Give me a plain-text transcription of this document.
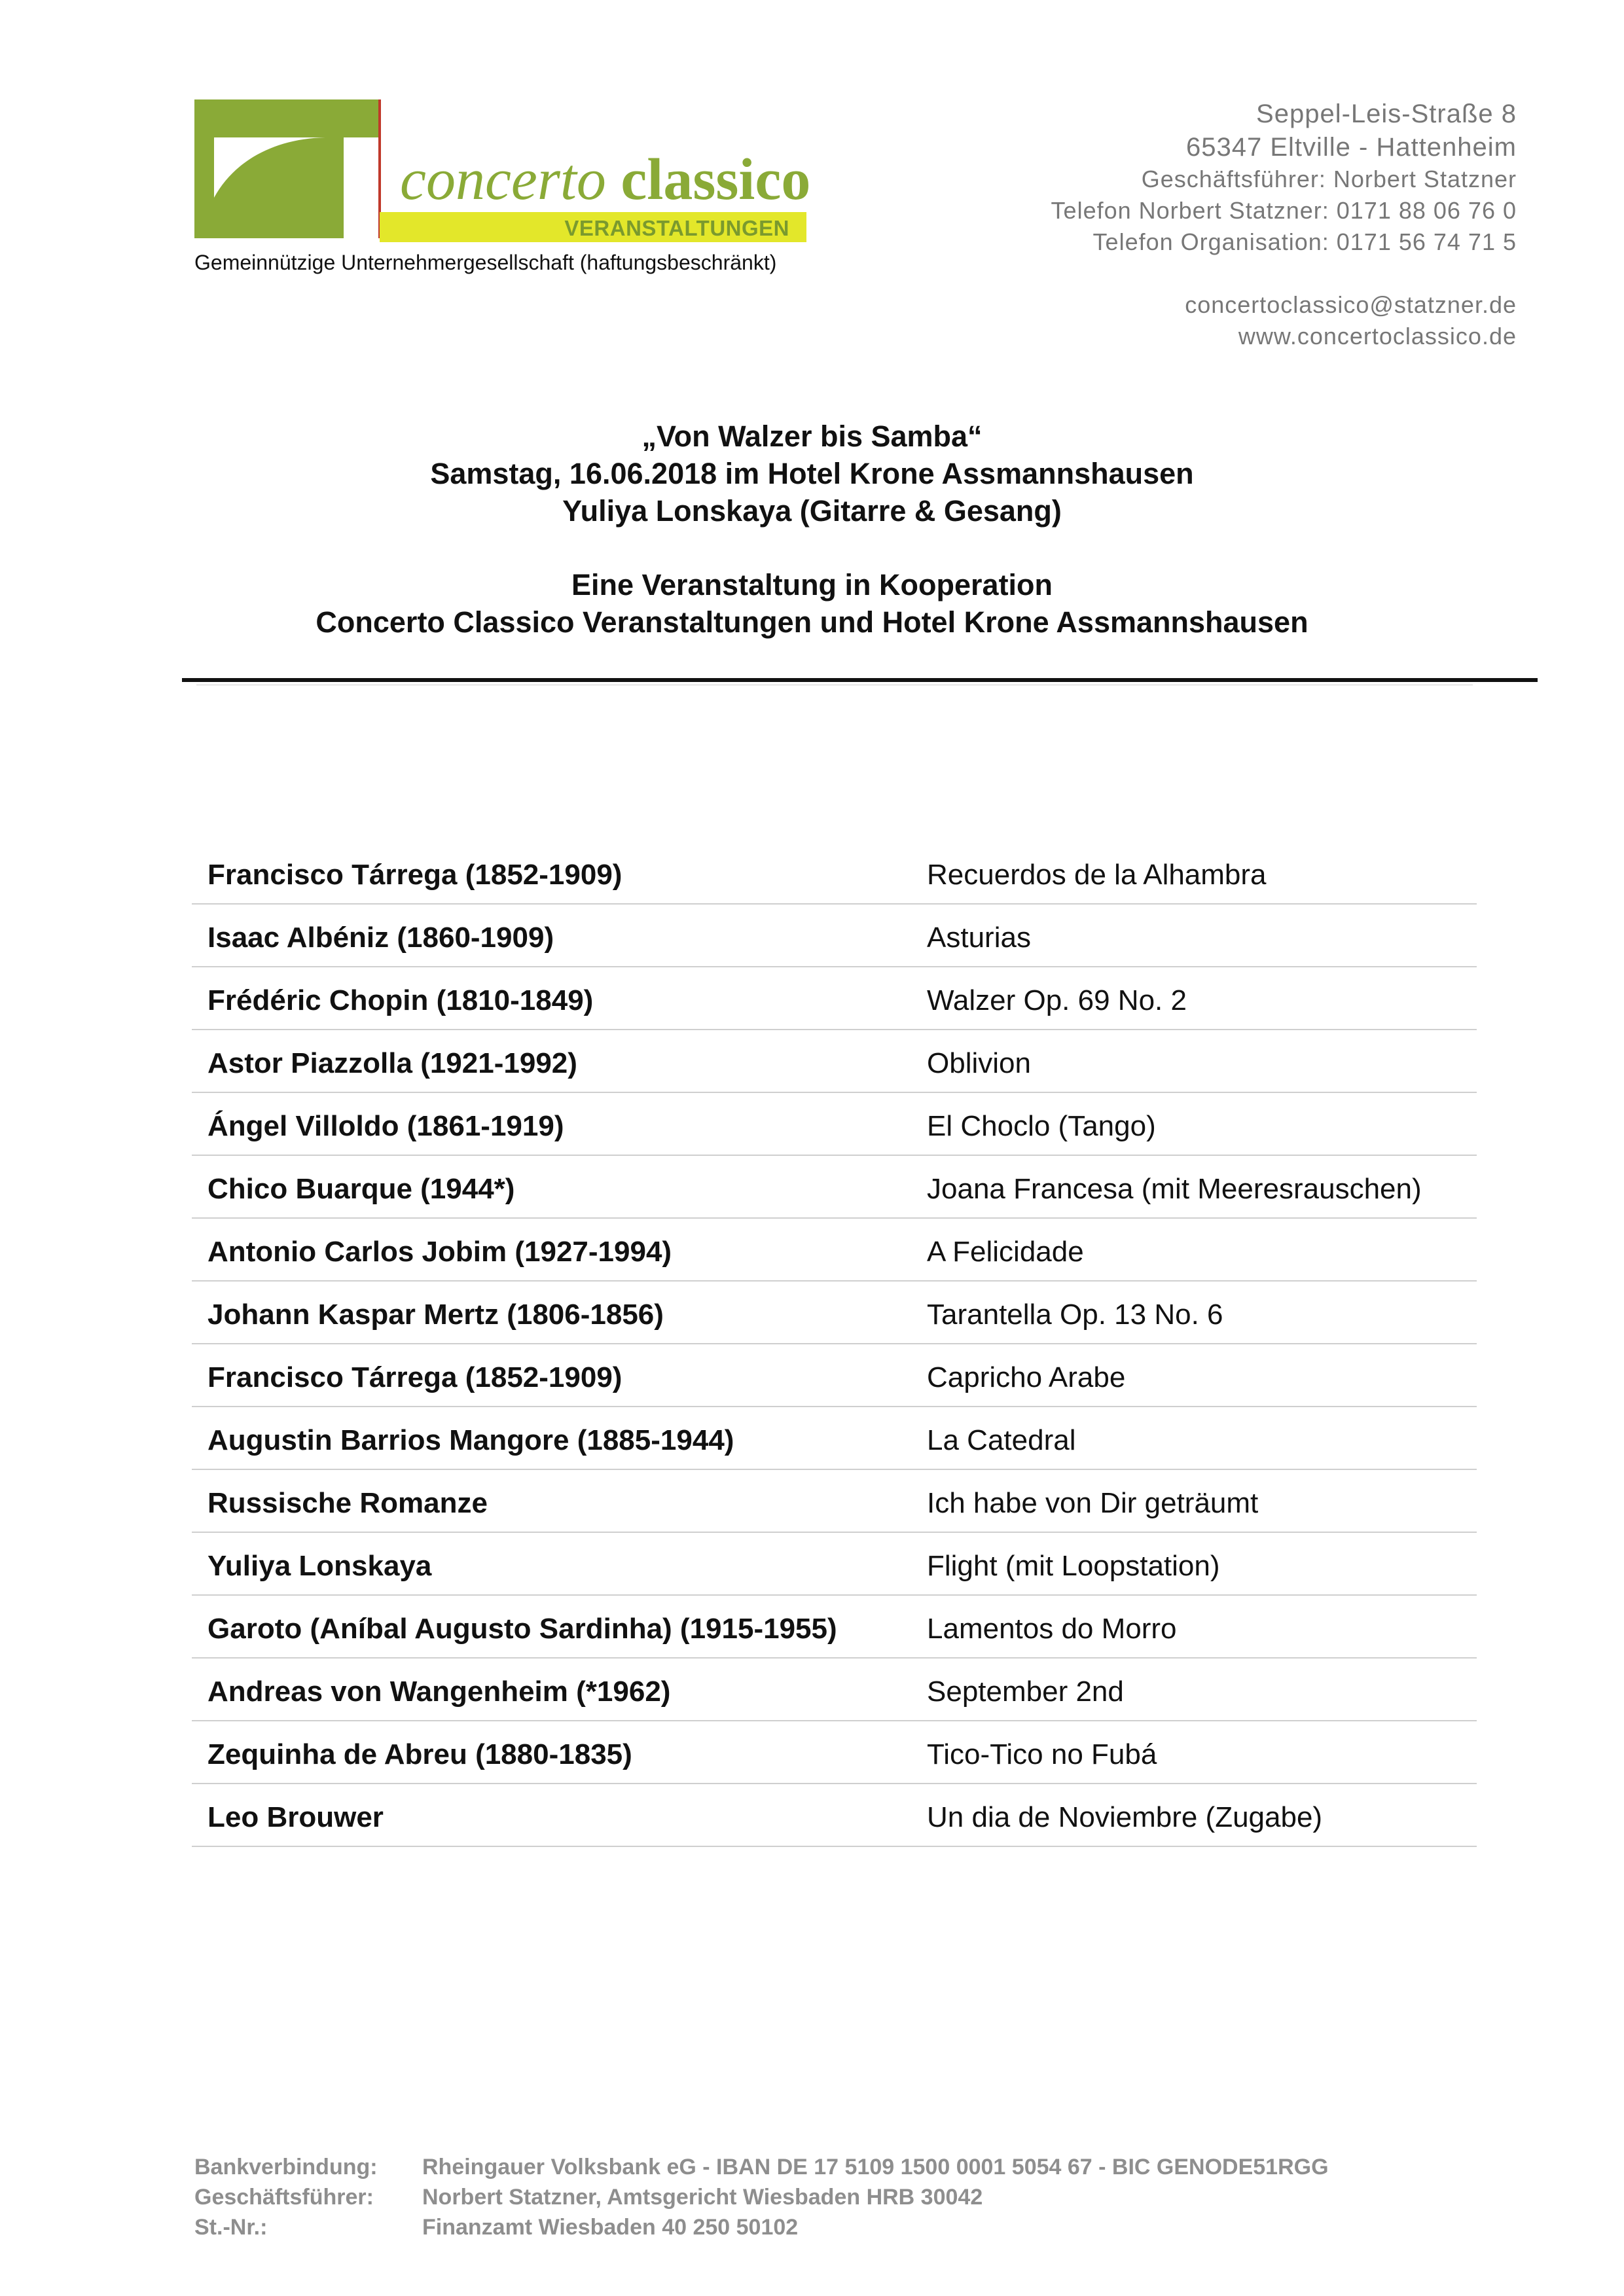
concerto classico
VERANSTALTUNGEN
Gemeinnützige Unternehmergesellschaft (haftungsbeschränkt)
Seppel-Leis-Straße 8
65347 Eltville - Hattenheim
Geschäftsführer: Norbert Statzner
Telefon Norbert Statzner: 0171 88 06 76 0
Telefon Organisation: 0171 56 74 71 5
concertoclassico@statzner.de
www.concertoclassico.de
„Von Walzer bis Samba“
Samstag, 16.06.2018 im Hotel Krone Assmannshausen
Yuliya Lonskaya (Gitarre & Gesang)
Eine Veranstaltung in Kooperation
Concerto Classico Veranstaltungen und Hotel Krone Assmannshausen
Francisco Tárrega (1852-1909)	Recuerdos de la Alhambra
Isaac Albéniz (1860-1909)	Asturias
Frédéric Chopin (1810-1849)	Walzer Op. 69 No. 2
Astor Piazzolla (1921-1992)	Oblivion
Ángel Villoldo (1861-1919)	El Choclo (Tango)
Chico Buarque (1944*)	Joana Francesa (mit Meeresrauschen)
Antonio Carlos Jobim (1927-1994)	A Felicidade
Johann Kaspar Mertz (1806-1856)	Tarantella Op. 13 No. 6
Francisco Tárrega (1852-1909)	Capricho Arabe
Augustin Barrios Mangore (1885-1944)	La Catedral
Russische Romanze	Ich habe von Dir geträumt
Yuliya Lonskaya	Flight (mit Loopstation)
Garoto (Aníbal Augusto Sardinha) (1915-1955)	Lamentos do Morro
Andreas von Wangenheim (*1962)	September 2nd
Zequinha de Abreu (1880-1835)	Tico-Tico no Fubá
Leo Brouwer	Un dia de Noviembre (Zugabe)
Bankverbindung: Rheingauer Volksbank eG - IBAN DE 17 5109 1500 0001 5054 67 - BIC GENODE51RGG
Geschäftsführer: Norbert Statzner, Amtsgericht Wiesbaden HRB 30042
St.-Nr.:	Finanzamt Wiesbaden 40 250 50102
